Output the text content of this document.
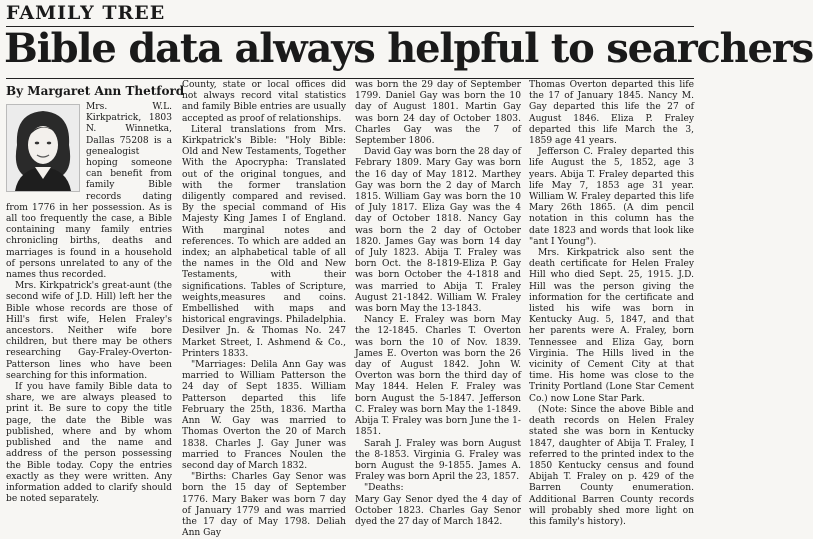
FAMILY TREE
Bible data always helpful to searchers
By Margaret Ann Thetford

Mrs. W.L. Kirkpatrick, 1803 N. Winnetka, Dallas 75208 is a genealogist hoping someone can benefit from family Bible records dating from 1776 in her possession. As is all too frequently the case, a Bible containing many family entries chronicling births, deaths and marriages is found in a household of persons unrelated to any of the names thus recorded.

Mrs. Kirkpatrick's great-aunt (the second wife of J.D. Hill) left her the Bible whose records are those of Hill's first wife, Helen Fraley's ancestors. Neither wife bore children, but there may be others researching Gay-Fraley-Overton-Patterson lines who have been searching for this information.

If you have family Bible data to share, we are always pleased to print it. Be sure to copy the title page, the date the Bible was published, where and by whom published and the name and address of the person possessing the Bible today. Copy the entries exactly as they were written. Any information added to clarify should be noted separately.

County, state or local offices did not always record vital statistics and family Bible entries are usually accepted as proof of relationships.

Literal translations from Mrs. Kirkpatrick's Bible: "Holy Bible: Old and New Testaments, Together With the Apocrypha: Translated out of the original tongues, and with the former translation diligently compared and revised. By the special command of His Majesty King James I of England. With marginal notes and references. To which are added an index; an alphabetical table of all the names in the Old and New Testaments, with their significations. Tables of Scripture, weights,measures and coins. Embellished with maps and historical engravings. Philadelphia. Desilver Jn. & Thomas No. 247 Market Street, I. Ashmend & Co., Printers 1833.

"Marriages: Delila Ann Gay was married to William Patterson the 24 day of Sept 1835. William Patterson departed this life February the 25th, 1836. Martha Ann W. Gay was married to Thomas Overton the 20 of March 1838. Charles J. Gay Juner was married to Frances Noulen the second day of March 1832.

"Births: Charles Gay Senor was born the 15 day of September 1776. Mary Baker was born 7 day of January 1779 and was married the 17 day of May 1798. Deliah Ann Gay

was born the 29 day of September 1799. Daniel Gay was born the 10 day of August 1801. Martin Gay was born 24 day of October 1803. Charles Gay was the 7 of September 1806.

David Gay was born the 28 day of Febrary 1809. Mary Gay was born the 16 day of May 1812. Marthey Gay was born the 2 day of March 1815. William Gay was born the 10 of July 1817. Eliza Gay was the 4 day of October 1818. Nancy Gay was born the 2 day of October 1820. James Gay was born 14 day of July 1823. Abija T. Fraley was born Oct. the 8-1819-Eliza P. Gay was born October the 4-1818 and was married to Abija T. Fraley August 21-1842. William W. Fraley was born May the 13-1843.

Nancy E. Fraley was born May the 12-1845. Charles T. Overton was born the 10 of Nov. 1839. James E. Overton was born the 26 day of August 1842. John W. Overton was born the third day of May 1844. Helen F. Fraley was born August the 5-1847. Jefferson C. Fraley was born May the 1-1849. Abija T. Fraley was born June the 1-1851.

Sarah J. Fraley was born August the 8-1853. Virginia G. Fraley was born August the 9-1855. James A. Fraley was born April the 23, 1857.

"Deaths:

Mary Gay Senor dyed the 4 day of October 1823. Charles Gay Senor dyed the 27 day of March 1842.

Thomas Overton departed this life the 17 of January 1845. Nancy M. Gay departed this life the 27 of August 1846. Eliza P. Fraley departed this life March the 3, 1859 age 41 years.

Jefferson C. Fraley departed this life August the 5, 1852, age 3 years. Abija T. Fraley departed this life May 7, 1853 age 31 year. William W. Fraley departed this life Mary 26th 1865. (A dim pencil notation in this column has the date 1823 and words that look like "ant I Young").

Mrs. Kirkpatrick also sent the death certificate for Helen Fraley Hill who died Sept. 25, 1915. J.D. Hill was the person giving the information for the certificate and listed his wife was born in Kentucky Aug. 5, 1847, and that her parents were A. Fraley, born Tennessee and Eliza Gay, born Virginia. The Hills lived in the vicinity of Cement City at that time. His home was close to the Trinity Portland (Lone Star Cement Co.) now Lone Star Park.

(Note: Since the above Bible and death records on Helen Fraley stated she was born in Kentucky 1847, daughter of Abija T. Fraley, I referred to the printed index to the 1850 Kentucky census and found Abijah T. Fraley on p. 429 of the Barren County enumeration. Additional Barren County records will probably shed more light on this family's history).
